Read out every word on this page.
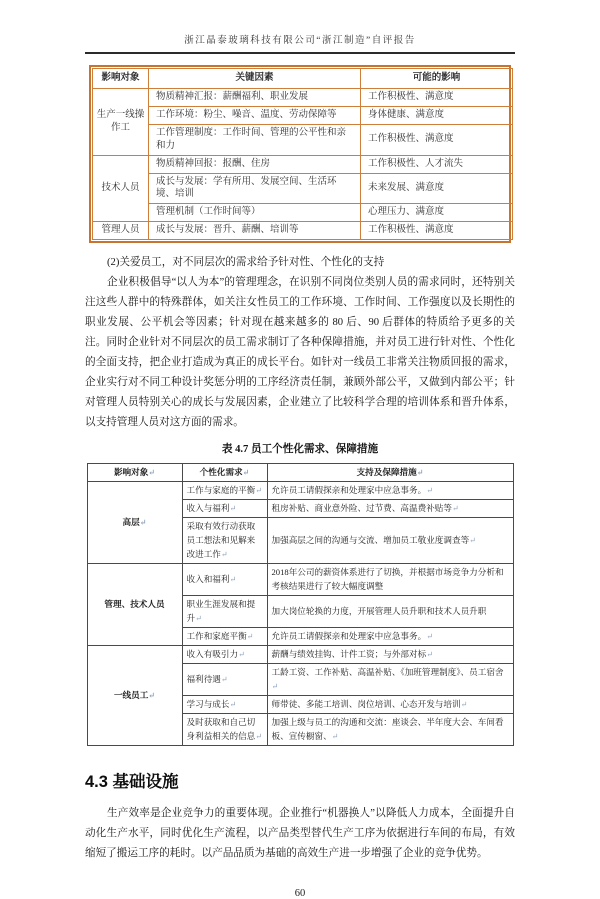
浙江晶泰玻璃科技有限公司“浙江制造”自评报告
影响对象	关键因素	可能的影响
生产一线操作工	物质精神汇报：薪酬福利、职业发展	工作积极性、满意度
	工作环境：粉尘、噪音、温度、劳动保障等	身体健康、满意度
	工作管理制度：工作时间、管理的公平性和亲和力	工作积极性、满意度
技术人员	物质精神回报：报酬、住房	工作积极性、人才流失
	成长与发展：学有所用、发展空间、生活环境、培训	未来发展、满意度
	管理机制（工作时间等）	心理压力、满意度
管理人员	成长与发展：晋升、薪酬、培训等	工作积极性、满意度

(2)关爱员工，对不同层次的需求给予针对性、个性化的支持

企业积极倡导“以人为本”的管理理念，在识别不同岗位类别人员的需求同时，还特别关注这些人群中的特殊群体，如关注女性员工的工作环境、工作时间、工作强度以及长期性的职业发展、公平机会等因素；针对现在越来越多的 80 后、90 后群体的特质给予更多的关注。同时企业针对不同层次的员工需求制订了各种保障措施，并对员工进行针对性、个性化的全面支持，把企业打造成为真正的成长平台。如针对一线员工非常关注物质回报的需求，企业实行对不同工种设计奖惩分明的工序经济责任制，兼顾外部公平，又做到内部公平；针对管理人员特别关心的成长与发展因素，企业建立了比较科学合理的培训体系和晋升体系，以支持管理人员对这方面的需求。

表 4.7 员工个性化需求、保障措施
影响对象↵	个性化需求↵	支持及保障措施↵
高层↵	工作与家庭的平衡↵	允许员工请假探亲和处理家中应急事务。↵
	收入与福利↵	租房补贴、商业意外险、过节费、高温费补贴等↵
	采取有效行动获取员工想法和见解来改进工作↵	加强高层之间的沟通与交流、增加员工敬业度调查等↵
管理、技术人员	收入和福利↵	2018年公司的薪资体系进行了切换，并根据市场竞争力分析和考核结果进行了较大幅度调整
	职业生涯发展和提升↵	加大岗位轮换的力度，开展管理人员升职和技术人员升职
	工作和家庭平衡↵	允许员工请假探亲和处理家中应急事务。↵
一线员工↵	收入有吸引力↵	薪酬与绩效挂钩、计件工资；与外部对标↵
	福利待遇↵	工龄工资、工作补贴、高温补贴、《加班管理制度》、员工宿舍↵
	学习与成长↵	师带徒、多能工培训、岗位培训、心态开发与培训↵
	及时获取和自己切身利益相关的信息↵	加强上级与员工的沟通和交流：座谈会、半年度大会、车间看板、宣传橱窗、↵
4.3 基础设施

生产效率是企业竞争力的重要体现。企业推行“机器换人”以降低人力成本，全面提升自动化生产水平，同时优化生产流程，以产品类型替代生产工序为依据进行车间的布局，有效缩短了搬运工序的耗时。以产品品质为基础的高效生产进一步增强了企业的竞争优势。

60
